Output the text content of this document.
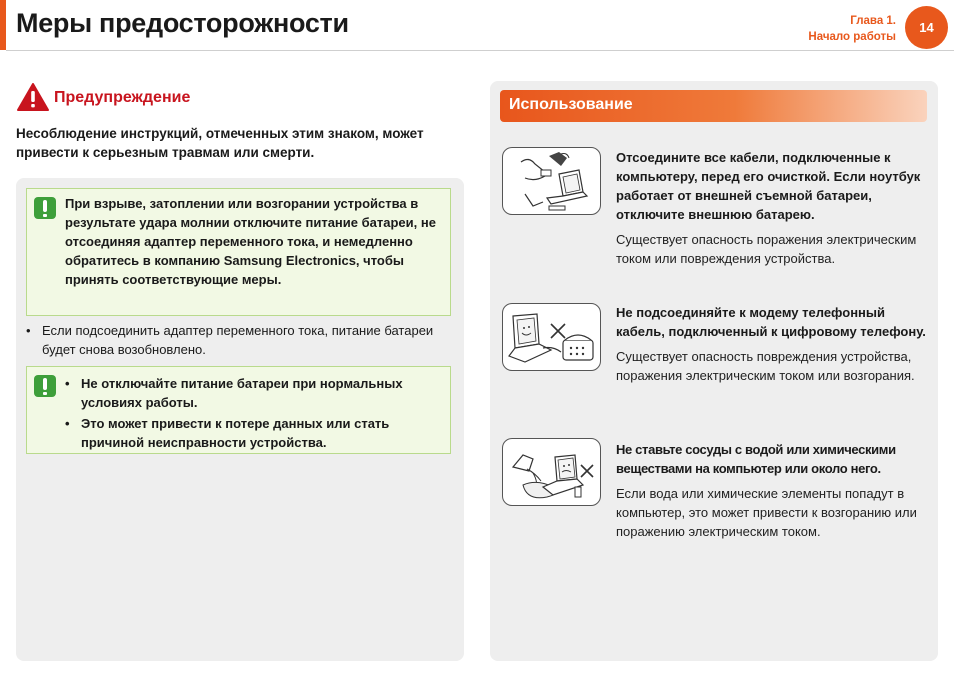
Меры предосторожности	Глава 1.
Начало работы
14
Предупреждение

Несоблюдение инструкций, отмеченных этим знаком, может привести к серьезным травмам или смерти.

При взрыве, затоплении или возгорании устройства в результате удара молнии отключите питание батареи, не отсоединяя адаптер переменного тока, и немедленно обратитесь в компанию Samsung Electronics, чтобы принять соответствующие меры.

• Если подсоединить адаптер переменного тока, питание батареи будет снова возобновлено.
• Не отключайте питание батареи при нормальных условиях работы.
• Это может привести к потере данных или стать причиной неисправности устройства.
Использование

Отсоедините все кабели, подключенные к компьютеру, перед его очисткой. Если ноутбук работает от внешней съемной батареи, отключите внешнюю батарею.

Существует опасность поражения электрическим током или повреждения устройства.

Не подсоединяйте к модему телефонный кабель, подключенный к цифровому телефону.

Существует опасность повреждения устройства, поражения электрическим током или возгорания.

Не ставьте сосуды с водой или химическими веществами на компьютер или около него.

Если вода или химические элементы попадут в компьютер, это может привести к возгоранию или поражению электрическим током.
